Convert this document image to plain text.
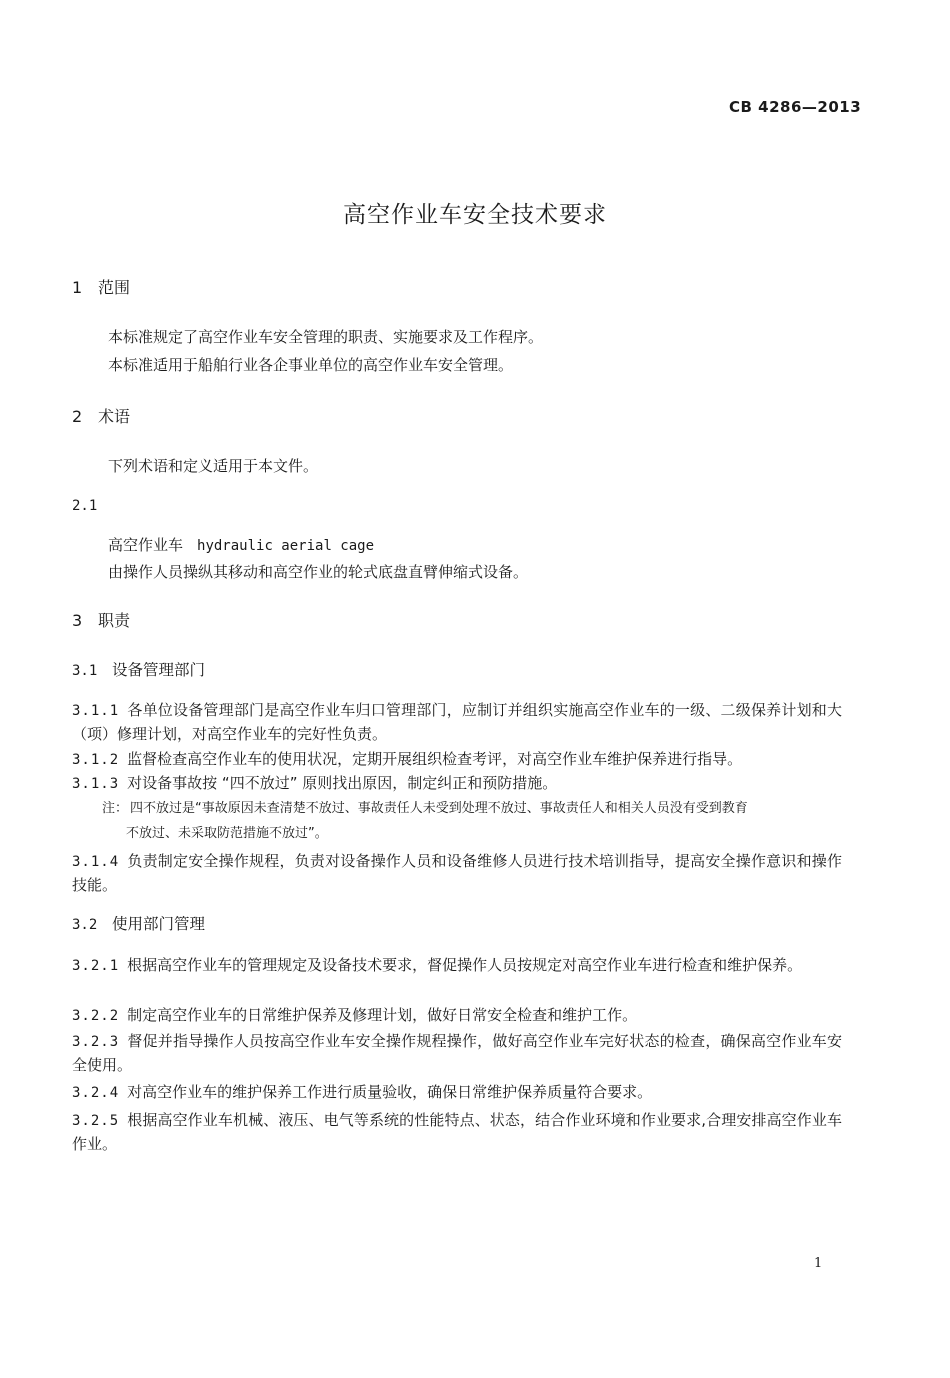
CB 4286—2013
高空作业车安全技术要求
1 范围
本标准规定了高空作业车安全管理的职责、实施要求及工作程序。
本标准适用于船舶行业各企事业单位的高空作业车安全管理。
2 术语
下列术语和定义适用于本文件。
2.1
高空作业车 hydraulic aerial cage
由操作人员操纵其移动和高空作业的轮式底盘直臂伸缩式设备。
3 职责
3.1 设备管理部门
3.1.1 各单位设备管理部门是高空作业车归口管理部门，应制订并组织实施高空作业车的一级、二级保养计划和大（项）修理计划，对高空作业车的完好性负责。
3.1.2 监督检查高空作业车的使用状况，定期开展组织检查考评，对高空作业车维护保养进行指导。
3.1.3 对设备事故按 “四不放过” 原则找出原因，制定纠正和预防措施。
注： 四不放过是“事故原因未查清楚不放过、事故责任人未受到处理不放过、事故责任人和相关人员没有受到教育
不放过、未采取防范措施不放过”。
3.1.4 负责制定安全操作规程，负责对设备操作人员和设备维修人员进行技术培训指导，提高安全操作意识和操作技能。
3.2 使用部门管理
3.2.1 根据高空作业车的管理规定及设备技术要求，督促操作人员按规定对高空作业车进行检查和维护保养。
3.2.2 制定高空作业车的日常维护保养及修理计划，做好日常安全检查和维护工作。
3.2.3 督促并指导操作人员按高空作业车安全操作规程操作，做好高空作业车完好状态的检查，确保高空作业车安全使用。
3.2.4 对高空作业车的维护保养工作进行质量验收，确保日常维护保养质量符合要求。
3.2.5 根据高空作业车机械、液压、电气等系统的性能特点、状态，结合作业环境和作业要求,合理安排高空作业车作业。
1
